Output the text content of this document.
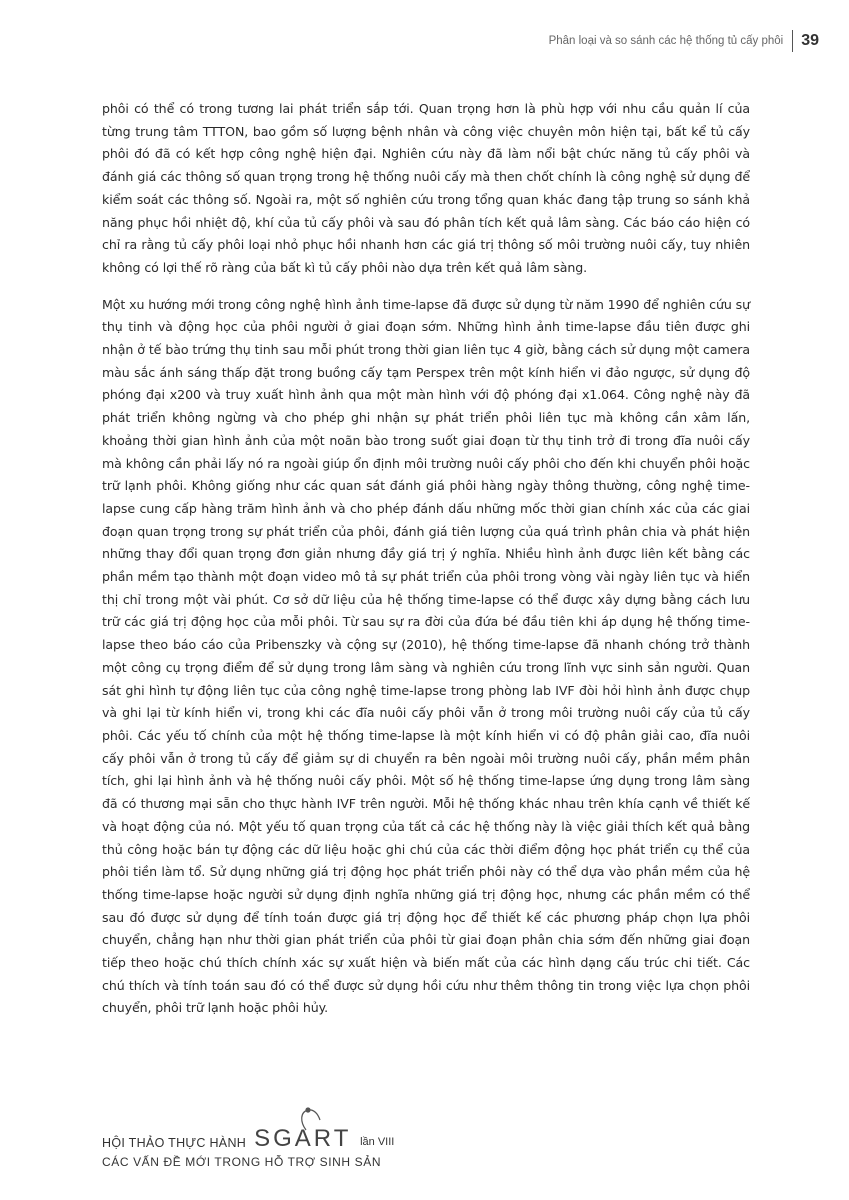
Phân loại và so sánh các hệ thống tủ cấy phôi	39

phôi có thể có trong tương lai phát triển sắp tới. Quan trọng hơn là phù hợp với nhu cầu quản lí của từng trung tâm TTTON, bao gồm số lượng bệnh nhân và công việc chuyên môn hiện tại, bất kể tủ cấy phôi đó đã có kết hợp công nghệ hiện đại. Nghiên cứu này đã làm nổi bật chức năng tủ cấy phôi và đánh giá các thông số quan trọng trong hệ thống nuôi cấy mà then chốt chính là công nghệ sử dụng để kiểm soát các thông số. Ngoài ra, một số nghiên cứu trong tổng quan khác đang tập trung so sánh khả năng phục hồi nhiệt độ, khí của tủ cấy phôi và sau đó phân tích kết quả lâm sàng. Các báo cáo hiện có chỉ ra rằng tủ cấy phôi loại nhỏ phục hồi nhanh hơn các giá trị thông số môi trường nuôi cấy, tuy nhiên không có lợi thế rõ ràng của bất kì tủ cấy phôi nào dựa trên kết quả lâm sàng.

Một xu hướng mới trong công nghệ hình ảnh time-lapse đã được sử dụng từ năm 1990 để nghiên cứu sự thụ tinh và động học của phôi người ở giai đoạn sớm. Những hình ảnh time-lapse đầu tiên được ghi nhận ở tế bào trứng thụ tinh sau mỗi phút trong thời gian liên tục 4 giờ, bằng cách sử dụng một camera màu sắc ánh sáng thấp đặt trong buồng cấy tạm Perspex trên một kính hiển vi đảo ngược, sử dụng độ phóng đại x200 và truy xuất hình ảnh qua một màn hình với độ phóng đại x1.064. Công nghệ này đã phát triển không ngừng và cho phép ghi nhận sự phát triển phôi liên tục mà không cần xâm lấn, khoảng thời gian hình ảnh của một noãn bào trong suốt giai đoạn từ thụ tinh trở đi trong đĩa nuôi cấy mà không cần phải lấy nó ra ngoài giúp ổn định môi trường nuôi cấy phôi cho đến khi chuyển phôi hoặc trữ lạnh phôi. Không giống như các quan sát đánh giá phôi hàng ngày thông thường, công nghệ time-lapse cung cấp hàng trăm hình ảnh và cho phép đánh dấu những mốc thời gian chính xác của các giai đoạn quan trọng trong sự phát triển của phôi, đánh giá tiên lượng của quá trình phân chia và phát hiện những thay đổi quan trọng đơn giản nhưng đầy giá trị ý nghĩa. Nhiều hình ảnh được liên kết bằng các phần mềm tạo thành một đoạn video mô tả sự phát triển của phôi trong vòng vài ngày liên tục và hiển thị chỉ trong một vài phút. Cơ sở dữ liệu của hệ thống time-lapse có thể được xây dựng bằng cách lưu trữ các giá trị động học của mỗi phôi. Từ sau sự ra đời của đứa bé đầu tiên khi áp dụng hệ thống time-lapse theo báo cáo của Pribenszky và cộng sự (2010), hệ thống time-lapse đã nhanh chóng trở thành một công cụ trọng điểm để sử dụng trong lâm sàng và nghiên cứu trong lĩnh vực sinh sản người. Quan sát ghi hình tự động liên tục của công nghệ time-lapse trong phòng lab IVF đòi hỏi hình ảnh được chụp và ghi lại từ kính hiển vi, trong khi các đĩa nuôi cấy phôi vẫn ở trong môi trường nuôi cấy của tủ cấy phôi. Các yếu tố chính của một hệ thống time-lapse là một kính hiển vi có độ phân giải cao, đĩa nuôi cấy phôi vẫn ở trong tủ cấy để giảm sự di chuyển ra bên ngoài môi trường nuôi cấy, phần mềm phân tích, ghi lại hình ảnh và hệ thống nuôi cấy phôi. Một số hệ thống time-lapse ứng dụng trong lâm sàng đã có thương mại sẵn cho thực hành IVF trên người. Mỗi hệ thống khác nhau trên khía cạnh về thiết kế và hoạt động của nó. Một yếu tố quan trọng của tất cả các hệ thống này là việc giải thích kết quả bằng thủ công hoặc bán tự động các dữ liệu hoặc ghi chú của các thời điểm động học phát triển cụ thể của phôi tiền làm tổ. Sử dụng những giá trị động học phát triển phôi này có thể dựa vào phần mềm của hệ thống time-lapse hoặc người sử dụng định nghĩa những giá trị động học, nhưng các phần mềm có thể sau đó được sử dụng để tính toán được giá trị động học để thiết kế các phương pháp chọn lựa phôi chuyển, chẳng hạn như thời gian phát triển của phôi từ giai đoạn phân chia sớm đến những giai đoạn tiếp theo hoặc chú thích chính xác sự xuất hiện và biến mất của các hình dạng cấu trúc chi tiết. Các chú thích và tính toán sau đó có thể được sử dụng hồi cứu như thêm thông tin trong việc lựa chọn phôi chuyển, phôi trữ lạnh hoặc phôi hủy.

HỘI THẢO THỰC HÀNH SGART lần VIII
CÁC VẤN ĐỀ MỚI TRONG HỖ TRỢ SINH SẢN
